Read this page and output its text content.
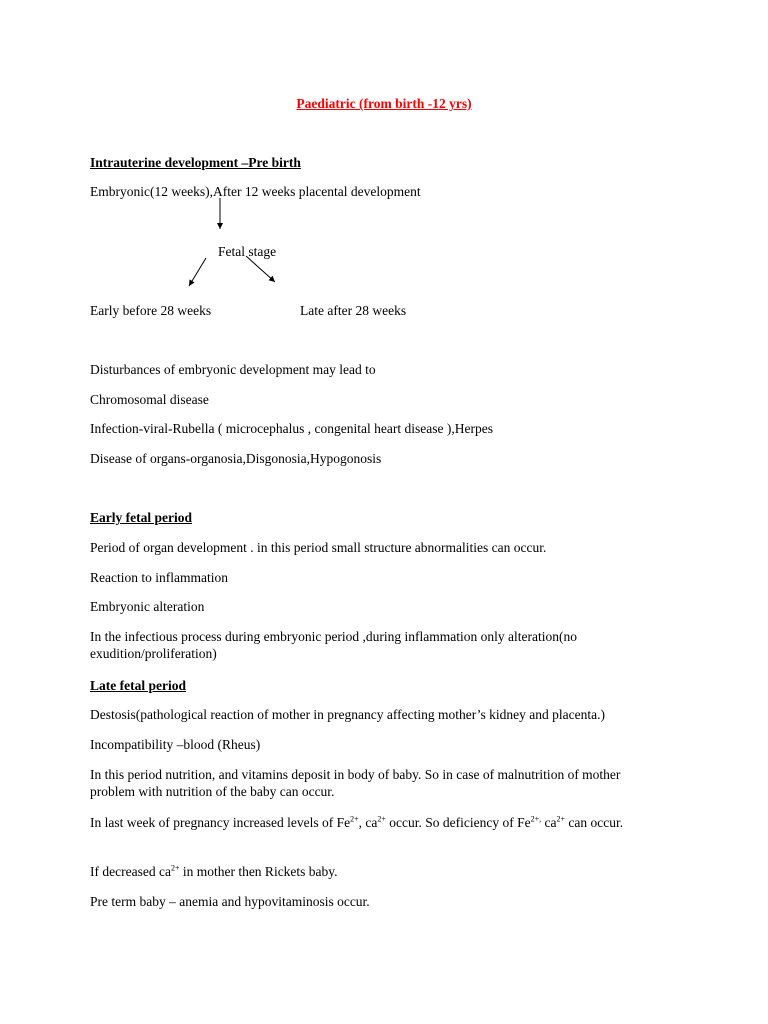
Paediatric (from birth -12 yrs)
Intrauterine development –Pre birth
Embryonic(12 weeks),After 12 weeks placental development
Fetal stage
Early before 28 weeks	Late after 28 weeks
Disturbances of embryonic development may lead to
Chromosomal disease
Infection-viral-Rubella ( microcephalus , congenital heart disease ),Herpes
Disease of organs-organosia,Disgonosia,Hypogonosis
Early fetal period
Period of organ development . in this period small structure abnormalities can occur.
Reaction to inflammation
Embryonic alteration
In the infectious process during embryonic period ,during inflammation only alteration(no exudition/proliferation)
Late fetal period
Destosis(pathological reaction of mother in pregnancy affecting mother’s kidney and placenta.)
Incompatibility –blood (Rheus)
In this period nutrition, and vitamins deposit in body of baby. So in case of malnutrition of mother problem with nutrition of the baby can occur.
In last week of pregnancy increased levels of $Fe^{2+}$, $ca^{2+}$ occur. So deficiency of $Fe^{2+,}$ $ca^{2+}$ can occur.
If decreased $ca^{2+}$ in mother then Rickets baby.
Pre term baby – anemia and hypovitaminosis occur.
